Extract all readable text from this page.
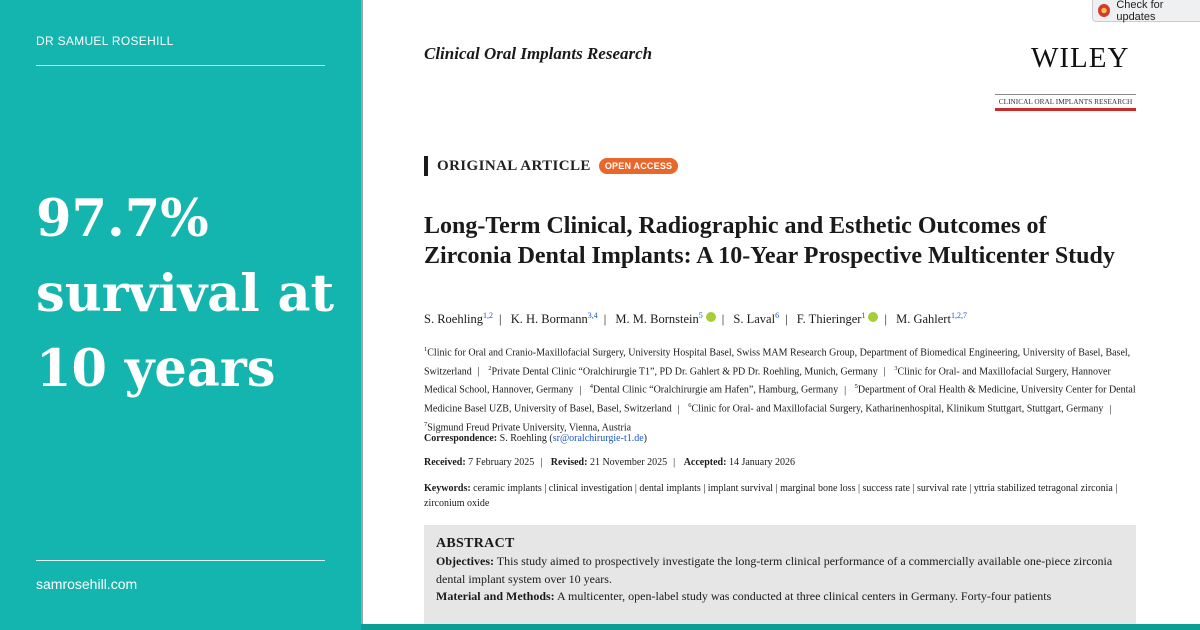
DR SAMUEL ROSEHILL
97.7% survival at 10 years
samrosehill.com
Check for updates
Clinical Oral Implants Research	WILEY
CLINICAL ORAL IMPLANTS RESEARCH
ORIGINAL ARTICLE	OPEN ACCESS
Long-Term Clinical, Radiographic and Esthetic Outcomes of Zirconia Dental Implants: A 10-Year Prospective Multicenter Study
S. Roehling$^{1,2}$ | K. H. Bormann$^{3,4}$ | M. M. Bornstein$^5$ | S. Laval$^6$ | F. Thieringer$^1$ | M. Gahlert$^{1,2,7}$
$^1$Clinic for Oral and Cranio-Maxillofacial Surgery, University Hospital Basel, Swiss MAM Research Group, Department of Biomedical Engineering, University of Basel, Basel, Switzerland | $^2$Private Dental Clinic “Oralchirurgie T1”, PD Dr. Gahlert & PD Dr. Roehling, Munich, Germany | $^3$Clinic for Oral- and Maxillofacial Surgery, Hannover Medical School, Hannover, Germany | $^4$Dental Clinic “Oralchirurgie am Hafen”, Hamburg, Germany | $^5$Department of Oral Health & Medicine, University Center for Dental Medicine Basel UZB, University of Basel, Basel, Switzerland | $^6$Clinic for Oral- and Maxillofacial Surgery, Katharinenhospital, Klinikum Stuttgart, Stuttgart, Germany | $^7$Sigmund Freud Private University, Vienna, Austria
Correspondence: S. Roehling (sr@oralchirurgie-t1.de)
Received: 7 February 2025 | Revised: 21 November 2025 | Accepted: 14 January 2026
Keywords: ceramic implants | clinical investigation | dental implants | implant survival | marginal bone loss | success rate | survival rate | yttria stabilized tetragonal zirconia | zirconium oxide
ABSTRACT
Objectives: This study aimed to prospectively investigate the long-term clinical performance of a commercially available one-piece zirconia dental implant system over 10 years.
Material and Methods: A multicenter, open-label study was conducted at three clinical centers in Germany. Forty-four patients
